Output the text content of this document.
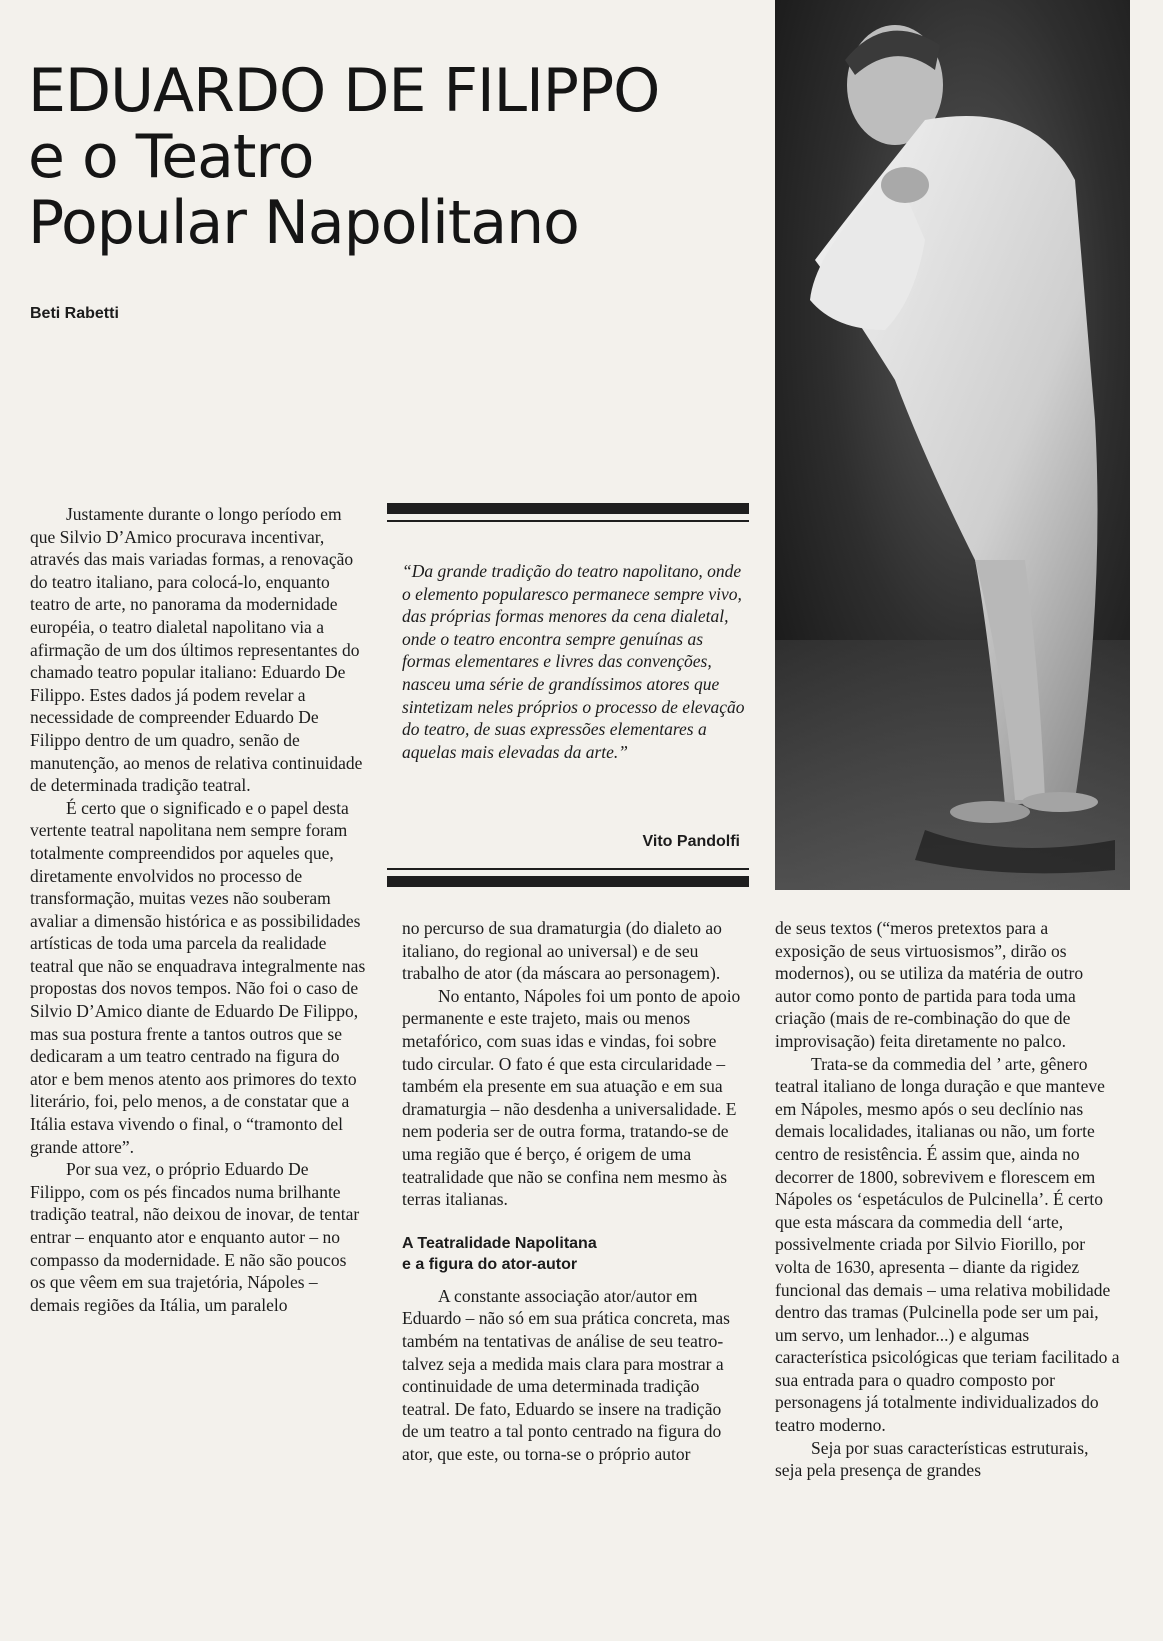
EDUARDO DE FILIPPO
e o Teatro
Popular Napolitano
Beti Rabetti

Justamente durante o longo período em que Silvio D’Amico procurava incentivar, através das mais variadas formas, a renovação do teatro italiano, para colocá-lo, enquanto teatro de arte, no panorama da modernidade européia, o teatro dialetal napolitano via a afirmação de um dos últimos representantes do chamado teatro popular italiano: Eduardo De Filippo. Estes dados já podem revelar a necessidade de compreender Eduardo De Filippo dentro de um quadro, senão de manutenção, ao menos de relativa continuidade de determinada tradição teatral.

É certo que o significado e o papel desta vertente teatral napolitana nem sempre foram totalmente compreendidos por aqueles que, diretamente envolvidos no processo de transformação, muitas vezes não souberam avaliar a dimensão histórica e as possibilidades artísticas de toda uma parcela da realidade teatral que não se enquadrava integralmente nas propostas dos novos tempos. Não foi o caso de Silvio D’Amico diante de Eduardo De Filippo, mas sua postura frente a tantos outros que se dedicaram a um teatro centrado na figura do ator e bem menos atento aos primores do texto literário, foi, pelo menos, a de constatar que a Itália estava vivendo o final, o “tramonto del grande attore”.

Por sua vez, o próprio Eduardo De Filippo, com os pés fincados numa brilhante tradição teatral, não deixou de inovar, de tentar entrar – enquanto ator e enquanto autor – no compasso da modernidade. E não são poucos os que vêem em sua trajetória, Nápoles – demais regiões da Itália, um paralelo

“Da grande tradição do teatro napolitano, onde o elemento popularesco permanece sempre vivo, das próprias formas menores da cena dialetal, onde o teatro encontra sempre genuínas as formas elementares e livres das convenções, nasceu uma série de grandíssimos atores que sintetizam neles próprios o processo de elevação do teatro, de suas expressões elementares a aquelas mais elevadas da arte.”

Vito Pandolfi

no percurso de sua dramaturgia (do dialeto ao italiano, do regional ao universal) e de seu trabalho de ator (da máscara ao personagem).

No entanto, Nápoles foi um ponto de apoio permanente e este trajeto, mais ou menos metafórico, com suas idas e vindas, foi sobre tudo circular. O fato é que esta circularidade – também ela presente em sua atuação e em sua dramaturgia – não desdenha a universalidade. E nem poderia ser de outra forma, tratando-se de uma região que é berço, é origem de uma teatralidade que não se confina nem mesmo às terras italianas.

A Teatralidade Napolitana
e a figura do ator-autor

A constante associação ator/autor em Eduardo – não só em sua prática concreta, mas também na tentativas de análise de seu teatro-talvez seja a medida mais clara para mostrar a continuidade de uma determinada tradição teatral. De fato, Eduardo se insere na tradição de um teatro a tal ponto centrado na figura do ator, que este, ou torna-se o próprio autor

de seus textos (“meros pretextos para a exposição de seus virtuosismos”, dirão os modernos), ou se utiliza da matéria de outro autor como ponto de partida para toda uma criação (mais de re-combinação do que de improvisação) feita diretamente no palco.

Trata-se da commedia del ’ arte, gênero teatral italiano de longa duração e que manteve em Nápoles, mesmo após o seu declínio nas demais localidades, italianas ou não, um forte centro de resistência. É assim que, ainda no decorrer de 1800, sobrevivem e florescem em Nápoles os ‘espetáculos de Pulcinella’. É certo que esta máscara da commedia dell ‘arte, possivelmente criada por Silvio Fiorillo, por volta de 1630, apresenta – diante da rigidez funcional das demais – uma relativa mobilidade dentro das tramas (Pulcinella pode ser um pai, um servo, um lenhador...) e algumas característica psicológicas que teriam facilitado a sua entrada para o quadro composto por personagens já totalmente individualizados do teatro moderno.

Seja por suas características estruturais, seja pela presença de grandes
